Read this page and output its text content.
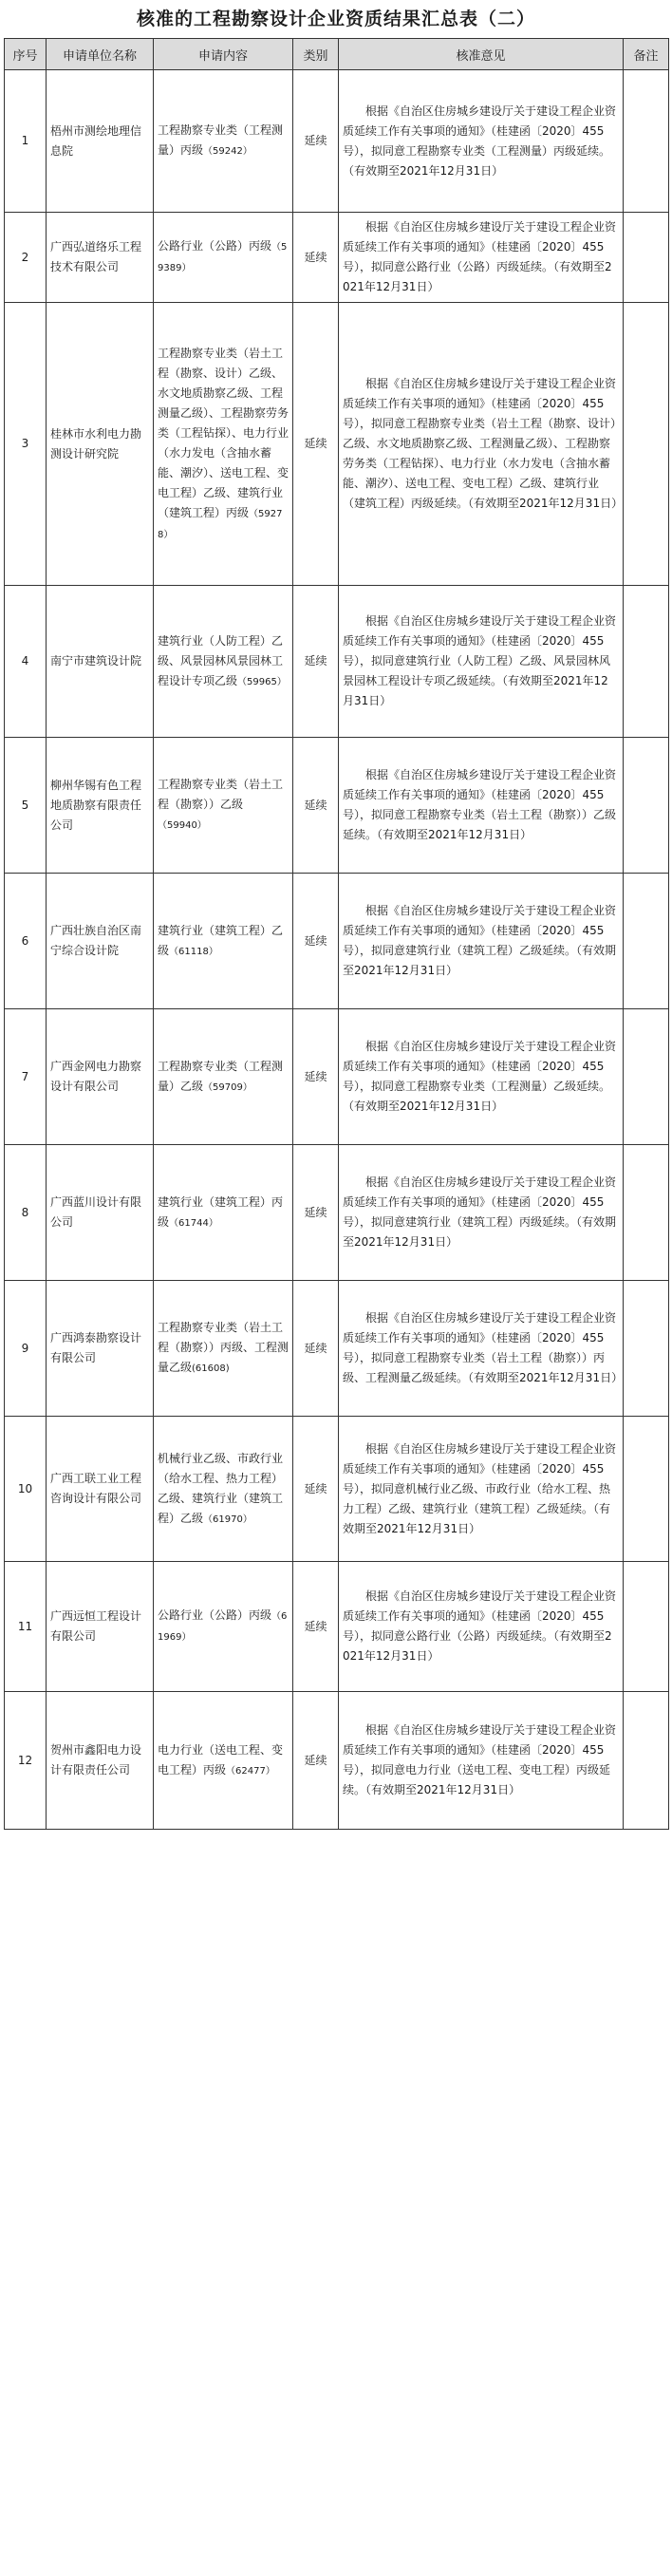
核准的工程勘察设计企业资质结果汇总表（二）
序号	申请单位名称	申请内容	类别	核准意见	备注
1	梧州市测绘地理信息院	工程勘察专业类（工程测量）丙级（59242）	延续	根据《自治区住房城乡建设厅关于建设工程企业资质延续工作有关事项的通知》（桂建函〔2020〕455号），拟同意工程勘察专业类（工程测量）丙级延续。（有效期至2021年12月31日）	
2	广西弘道络乐工程技术有限公司	公路行业（公路）丙级（59389）	延续	根据《自治区住房城乡建设厅关于建设工程企业资质延续工作有关事项的通知》（桂建函〔2020〕455号），拟同意公路行业（公路）丙级延续。（有效期至2021年12月31日）	
3	桂林市水利电力勘测设计研究院	工程勘察专业类（岩土工程（勘察、设计）乙级、水文地质勘察乙级、工程测量乙级）、工程勘察劳务类（工程钻探）、电力行业（水力发电（含抽水蓄能、潮汐）、送电工程、变电工程）乙级、建筑行业（建筑工程）丙级（59278）	延续	根据《自治区住房城乡建设厅关于建设工程企业资质延续工作有关事项的通知》（桂建函〔2020〕455号），拟同意工程勘察专业类（岩土工程（勘察、设计）乙级、水文地质勘察乙级、工程测量乙级）、工程勘察劳务类（工程钻探）、电力行业（水力发电（含抽水蓄能、潮汐）、送电工程、变电工程）乙级、建筑行业（建筑工程）丙级延续。（有效期至2021年12月31日）	
4	南宁市建筑设计院	建筑行业（人防工程）乙级、风景园林风景园林工程设计专项乙级（59965）	延续	根据《自治区住房城乡建设厅关于建设工程企业资质延续工作有关事项的通知》（桂建函〔2020〕455号），拟同意建筑行业（人防工程）乙级、风景园林风景园林工程设计专项乙级延续。（有效期至2021年12月31日）	
5	柳州华锡有色工程地质勘察有限责任公司	工程勘察专业类（岩土工程（勘察））乙级（59940）	延续	根据《自治区住房城乡建设厅关于建设工程企业资质延续工作有关事项的通知》（桂建函〔2020〕455号），拟同意工程勘察专业类（岩土工程（勘察））乙级延续。（有效期至2021年12月31日）	
6	广西壮族自治区南宁综合设计院	建筑行业（建筑工程）乙级（61118）	延续	根据《自治区住房城乡建设厅关于建设工程企业资质延续工作有关事项的通知》（桂建函〔2020〕455号），拟同意建筑行业（建筑工程）乙级延续。（有效期至2021年12月31日）	
7	广西金网电力勘察设计有限公司	工程勘察专业类（工程测量）乙级（59709）	延续	根据《自治区住房城乡建设厅关于建设工程企业资质延续工作有关事项的通知》（桂建函〔2020〕455号），拟同意工程勘察专业类（工程测量）乙级延续。（有效期至2021年12月31日）	
8	广西蓝川设计有限公司	建筑行业（建筑工程）丙级（61744）	延续	根据《自治区住房城乡建设厅关于建设工程企业资质延续工作有关事项的通知》（桂建函〔2020〕455号），拟同意建筑行业（建筑工程）丙级延续。（有效期至2021年12月31日）	
9	广西鸿泰勘察设计有限公司	工程勘察专业类（岩土工程（勘察））丙级、工程测量乙级(61608)	延续	根据《自治区住房城乡建设厅关于建设工程企业资质延续工作有关事项的通知》（桂建函〔2020〕455号），拟同意工程勘察专业类（岩土工程（勘察））丙级、工程测量乙级延续。（有效期至2021年12月31日）	
10	广西工联工业工程咨询设计有限公司	机械行业乙级、市政行业（给水工程、热力工程）乙级、建筑行业（建筑工程）乙级（61970）	延续	根据《自治区住房城乡建设厅关于建设工程企业资质延续工作有关事项的通知》（桂建函〔2020〕455号），拟同意机械行业乙级、市政行业（给水工程、热力工程）乙级、建筑行业（建筑工程）乙级延续。（有效期至2021年12月31日）	
11	广西远恒工程设计有限公司	公路行业（公路）丙级（61969）	延续	根据《自治区住房城乡建设厅关于建设工程企业资质延续工作有关事项的通知》（桂建函〔2020〕455号），拟同意公路行业（公路）丙级延续。（有效期至2021年12月31日）	
12	贺州市鑫阳电力设计有限责任公司	电力行业（送电工程、变电工程）丙级（62477）	延续	根据《自治区住房城乡建设厅关于建设工程企业资质延续工作有关事项的通知》（桂建函〔2020〕455号），拟同意电力行业（送电工程、变电工程）丙级延续。（有效期至2021年12月31日）	
